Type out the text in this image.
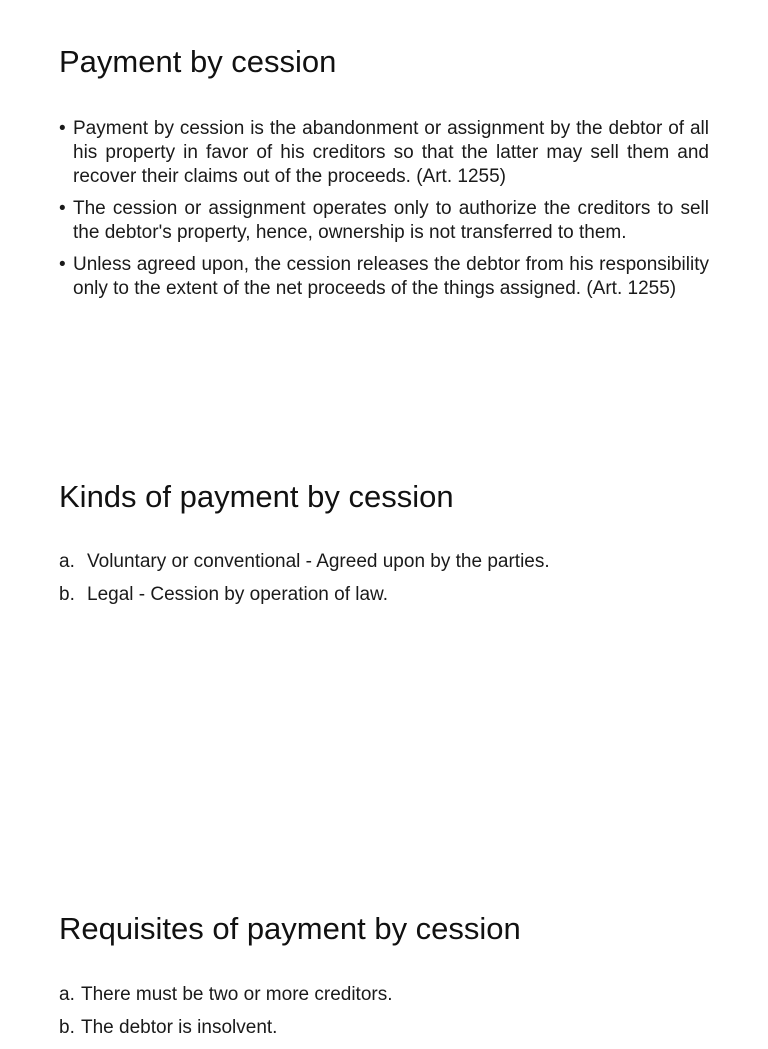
Payment by cession
• Payment by cession is the abandonment or assignment by the debtor of all his property in favor of his creditors so that the latter may sell them and recover their claims out of the proceeds. (Art. 1255)
• The cession or assignment operates only to authorize the creditors to sell the debtor's property, hence, ownership is not transferred to them.
• Unless agreed upon, the cession releases the debtor from his responsibility only to the extent of the net proceeds of the things assigned. (Art. 1255)
Kinds of payment by cession
a. Voluntary or conventional - Agreed upon by the parties.
b. Legal - Cession by operation of law.
Requisites of payment by cession
a. There must be two or more creditors.
b. The debtor is insolvent.
